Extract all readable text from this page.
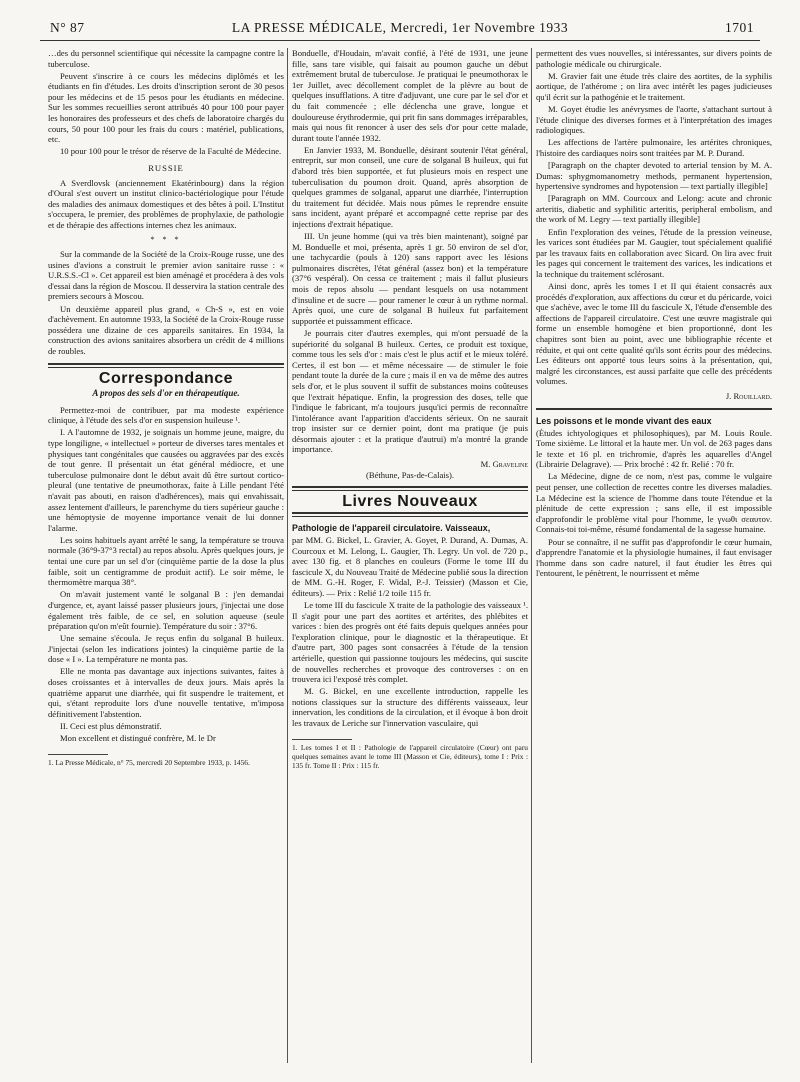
N° 87	LA PRESSE MÉDICALE, Mercredi, 1er Novembre 1933	1701

…des du personnel scientifique qui nécessite la campagne contre la tuberculose.

Peuvent s'inscrire à ce cours les médecins diplômés et les étudiants en fin d'études. Les droits d'inscription seront de 30 pesos pour les médecins et de 15 pesos pour les étudiants en médecine. Sur les sommes recueillies seront attribués 40 pour 100 pour payer les honoraires des professeurs et des chefs de laboratoire chargés du cours, 50 pour 100 pour les frais du cours : matériel, publications, etc.

10 pour 100 pour le trésor de réserve de la Faculté de Médecine.

RUSSIE

A Sverdlovsk (anciennement Ekatérinbourg) dans la région d'Oural s'est ouvert un institut clinico-bactériologique pour l'étude des maladies des animaux domestiques et des bêtes à poil. L'Institut s'occupera, le premier, des problèmes de prophylaxie, de pathologie et de thérapie des affections internes chez les animaux.

* * *

Sur la commande de la Société de la Croix-Rouge russe, une des usines d'avions a construit le premier avion sanitaire russe : « U.R.S.S.-Cl ». Cet appareil est bien aménagé et procédera à des vols d'essai dans la région de Moscou. Il desservira la station centrale des premiers secours à Moscou.

Un deuxième appareil plus grand, « Ch-S », est en voie d'achèvement. En automne 1933, la Société de la Croix-Rouge russe possédera une dizaine de ces appareils sanitaires. En 1934, la construction des avions sanitaires absorbera un crédit de 4 millions de roubles.

Correspondance
A propos des sels d'or en thérapeutique.

Permettez-moi de contribuer, par ma modeste expérience clinique, à l'étude des sels d'or en suspension huileuse ¹.

I. A l'automne de 1932, je soignais un homme jeune, maigre, du type longiligne, « intellectuel » porteur de diverses tares mentales et physiques tant congénitales que causées ou aggravées par des excès de tout genre. Il présentait un état général médiocre, et une tuberculose pulmonaire dont le début avait dû être surtout cortico-pleural (une tentative de pneumothorax, faite à Lille pendant l'été n'avait pas abouti, en raison d'adhérences), mais qui envahissait, assez lentement d'ailleurs, le parenchyme du tiers supérieur gauche : une hémoptysie de moyenne importance venait de lui donner l'alarme.

Les soins habituels ayant arrêté le sang, la température se trouva normale (36°9-37°3 rectal) au repos absolu. Après quelques jours, je tentai une cure par un sel d'or (cinquième partie de la dose la plus faible, soit un centigramme de produit actif). Le soir même, le thermomètre marqua 38°.

On m'avait justement vanté le solganal B : j'en demandai d'urgence, et, ayant laissé passer plusieurs jours, j'injectai une dose également très faible, de ce sel, en solution aqueuse (seule préparation qu'on m'eût fournie). Température du soir : 37°6.

Une semaine s'écoula. Je reçus enfin du solganal B huileux. J'injectai (selon les indications jointes) la cinquième partie de la dose « I ». La température ne monta pas.

Elle ne monta pas davantage aux injections suivantes, faites à doses croissantes et à intervalles de deux jours. Mais après la quatrième apparut une diarrhée, qui fit suspendre le traitement, et qui, s'étant reproduite lors d'une nouvelle tentative, m'imposa définitivement l'abstention.

II. Ceci est plus démonstratif.

Mon excellent et distingué confrère, M. le Dr

1. La Presse Médicale, n° 75, mercredi 20 Septembre 1933, p. 1456.

Bonduelle, d'Houdain, m'avait confié, à l'été de 1931, une jeune fille, sans tare visible, qui faisait au poumon gauche un début extrêmement brutal de tuberculose. Je pratiquai le pneumothorax le 1er Juillet, avec décollement complet de la plèvre au bout de quelques insufflations. A titre d'adjuvant, une cure par le sel d'or et du fait commencée ; elle déclencha une grave, longue et douloureuse érythrodermie, qui prit fin sans dommages irréparables, mais qui nous fit renoncer à user des sels d'or pour cette malade, durant toute l'année 1932.

En Janvier 1933, M. Bonduelle, désirant soutenir l'état général, entreprit, sur mon conseil, une cure de solganal B huileux, qui fut d'abord très bien supportée, et fut plusieurs mois en respect une tuberculisation du poumon droit. Quand, après absorption de quelques grammes de solganal, apparut une diarrhée, l'interruption du traitement fut décidée. Mais nous pûmes le reprendre ensuite sans incident, ayant préparé et accompagné cette reprise par des injections d'extrait hépatique.

III. Un jeune homme (qui va très bien maintenant), soigné par M. Bonduelle et moi, présenta, après 1 gr. 50 environ de sel d'or, une tachycardie (pouls à 120) sans rapport avec les lésions pulmonaires discrètes, l'état général (assez bon) et la température (37°6 vespéral). On cessa ce traitement ; mais il fallut plusieurs mois de repos absolu — pendant lesquels on usa notamment d'insuline et de sucre — pour ramener le cœur à un rythme normal. Après quoi, une cure de solganal B huileux fut parfaitement supportée et puissamment efficace.

Je pourrais citer d'autres exemples, qui m'ont persuadé de la supériorité du solganal B huileux. Certes, ce produit est toxique, comme tous les sels d'or : mais c'est le plus actif et le mieux toléré. Certes, il est bon — et même nécessaire — de stimuler le foie pendant toute la durée de la cure ; mais il en va de même des autres sels d'or, et le plus souvent il suffit de substances moins coûteuses que l'extrait hépatique. Enfin, la progression des doses, telle que l'indique le fabricant, m'a toujours jusqu'ici permis de reconnaître l'intolérance avant l'apparition d'accidents sérieux. On ne saurait trop insister sur ce dernier point, dont ma pratique (je puis désormais ajouter : et la pratique d'autrui) m'a montré la grande importance.

M. Graveline
(Béthune, Pas-de-Calais).
Livres Nouveaux

Pathologie de l'appareil circulatoire. Vaisseaux,

par MM. G. Bickel, L. Gravier, A. Goyet, P. Durand, A. Dumas, A. Courcoux et M. Lelong, L. Gaugier, Th. Legry. Un vol. de 720 p., avec 130 fig. et 8 planches en couleurs (Forme le tome III du fascicule X, du Nouveau Traité de Médecine publié sous la direction de MM. G.-H. Roger, F. Widal, P.-J. Teissier) (Masson et Cie, éditeurs). — Prix : Relié 1/2 toile 115 fr.

Le tome III du fascicule X traite de la pathologie des vaisseaux ¹. Il s'agit pour une part des aortites et artérites, des phlébites et varices : bien des progrès ont été faits depuis quelques années pour l'exploration clinique, pour le diagnostic et la thérapeutique. Et d'autre part, 300 pages sont consacrées à l'étude de la tension artérielle, question qui passionne toujours les médecins, qui suscite de nouvelles recherches et provoque des controverses : on en trouvera ici l'exposé très complet.

M. G. Bickel, en une excellente introduction, rappelle les notions classiques sur la structure des différents vaisseaux, leur innervation, les conditions de la circulation, et il évoque à bon droit les travaux de Leriche sur l'innervation vasculaire, qui

1. Les tomes I et II : Pathologie de l'appareil circulatoire (Cœur) ont paru quelques semaines avant le tome III (Masson et Cie, éditeurs), tome I : Prix : 135 fr. Tome II : Prix : 115 fr.

permettent des vues nouvelles, si intéressantes, sur divers points de pathologie médicale ou chirurgicale.

M. Gravier fait une étude très claire des aortites, de la syphilis aortique, de l'athérome ; on lira avec intérêt les pages judicieuses qu'il écrit sur la pathogénie et le traitement.

M. Goyet étudie les anévrysmes de l'aorte, s'attachant surtout à l'étude clinique des diverses formes et à l'interprétation des images radiologiques.

Les affections de l'artère pulmonaire, les artérites chroniques, l'histoire des cardiaques noirs sont traitées par M. P. Durand.

[Paragraph on the chapter devoted to arterial tension by M. A. Dumas: sphygmomanometry methods, permanent hypertension, hypertensive syndromes and hypotension — text partially illegible]

[Paragraph on MM. Courcoux and Lelong: acute and chronic arteritis, diabetic and syphilitic arteritis, peripheral embolism, and the work of M. Legry — text partially illegible]

Enfin l'exploration des veines, l'étude de la pression veineuse, les varices sont étudiées par M. Gaugier, tout spécialement qualifié par les travaux faits en collaboration avec Sicard. On lira avec fruit les pages qui concernent le traitement des varices, les indications et la technique du traitement sclérosant.

Ainsi donc, après les tomes I et II qui étaient consacrés aux procédés d'exploration, aux affections du cœur et du péricarde, voici que s'achève, avec le tome III du fascicule X, l'étude d'ensemble des affections de l'appareil circulatoire. C'est une œuvre magistrale qui forme un ensemble homogène et bien proportionné, dont les chapitres sont bien au point, avec une bibliographie récente et réduite, et qui ont cette qualité qu'ils sont écrits pour des médecins. Les éditeurs ont apporté tous leurs soins à la présentation, qui, malgré les circonstances, est aussi parfaite que celle des précédents volumes.

J. Rouillard.

Les poissons et le monde vivant des eaux

(Études ichtyologiques et philosophiques), par M. Louis Roule. Tome sixième. Le littoral et la haute mer. Un vol. de 263 pages dans le texte et 16 pl. en trichromie, d'après les aquarelles d'Angel (Librairie Delagrave). — Prix broché : 42 fr. Relié : 70 fr.

La Médecine, digne de ce nom, n'est pas, comme le vulgaire peut penser, une collection de recettes contre les diverses maladies. La Médecine est la science de l'homme dans toute l'étendue et la plénitude de cette expression ; sans elle, il est impossible d'approfondir le problème vital pour l'homme, le γνωθι σεαυτον. Connais-toi toi-même, résumé fondamental de la sagesse humaine.

Pour se connaître, il ne suffit pas d'approfondir le cœur humain, d'apprendre l'anatomie et la physiologie humaines, il faut envisager l'homme dans son cadre naturel, il faut étudier les êtres qui l'entourent, le pénètrent, le nourrissent et même
